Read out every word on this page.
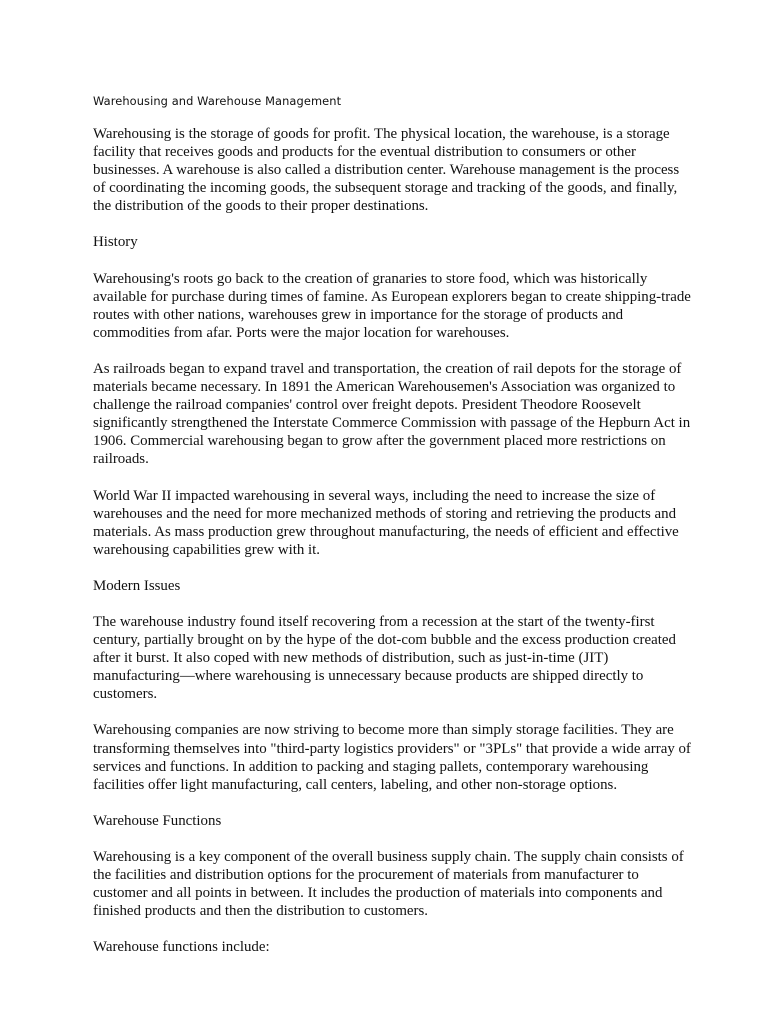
Warehousing and Warehouse Management

Warehousing is the storage of goods for profit. The physical location, the warehouse, is a storage facility that receives goods and products for the eventual distribution to consumers or other businesses. A warehouse is also called a distribution center. Warehouse management is the process of coordinating the incoming goods, the subsequent storage and tracking of the goods, and finally, the distribution of the goods to their proper destinations.

History

Warehousing's roots go back to the creation of granaries to store food, which was historically available for purchase during times of famine. As European explorers began to create shipping-trade routes with other nations, warehouses grew in importance for the storage of products and commodities from afar. Ports were the major location for warehouses.

As railroads began to expand travel and transportation, the creation of rail depots for the storage of materials became necessary. In 1891 the American Warehousemen's Association was organized to challenge the railroad companies' control over freight depots. President Theodore Roosevelt significantly strengthened the Interstate Commerce Commission with passage of the Hepburn Act in 1906. Commercial warehousing began to grow after the government placed more restrictions on railroads.

World War II impacted warehousing in several ways, including the need to increase the size of warehouses and the need for more mechanized methods of storing and retrieving the products and materials. As mass production grew throughout manufacturing, the needs of efficient and effective warehousing capabilities grew with it.

Modern Issues

The warehouse industry found itself recovering from a recession at the start of the twenty-first century, partially brought on by the hype of the dot-com bubble and the excess production created after it burst. It also coped with new methods of distribution, such as just-in-time (JIT) manufacturing—where warehousing is unnecessary because products are shipped directly to customers.

Warehousing companies are now striving to become more than simply storage facilities. They are transforming themselves into "third-party logistics providers" or "3PLs" that provide a wide array of services and functions. In addition to packing and staging pallets, contemporary warehousing facilities offer light manufacturing, call centers, labeling, and other non-storage options.

Warehouse Functions

Warehousing is a key component of the overall business supply chain. The supply chain consists of the facilities and distribution options for the procurement of materials from manufacturer to customer and all points in between. It includes the production of materials into components and finished products and then the distribution to customers.

Warehouse functions include:
